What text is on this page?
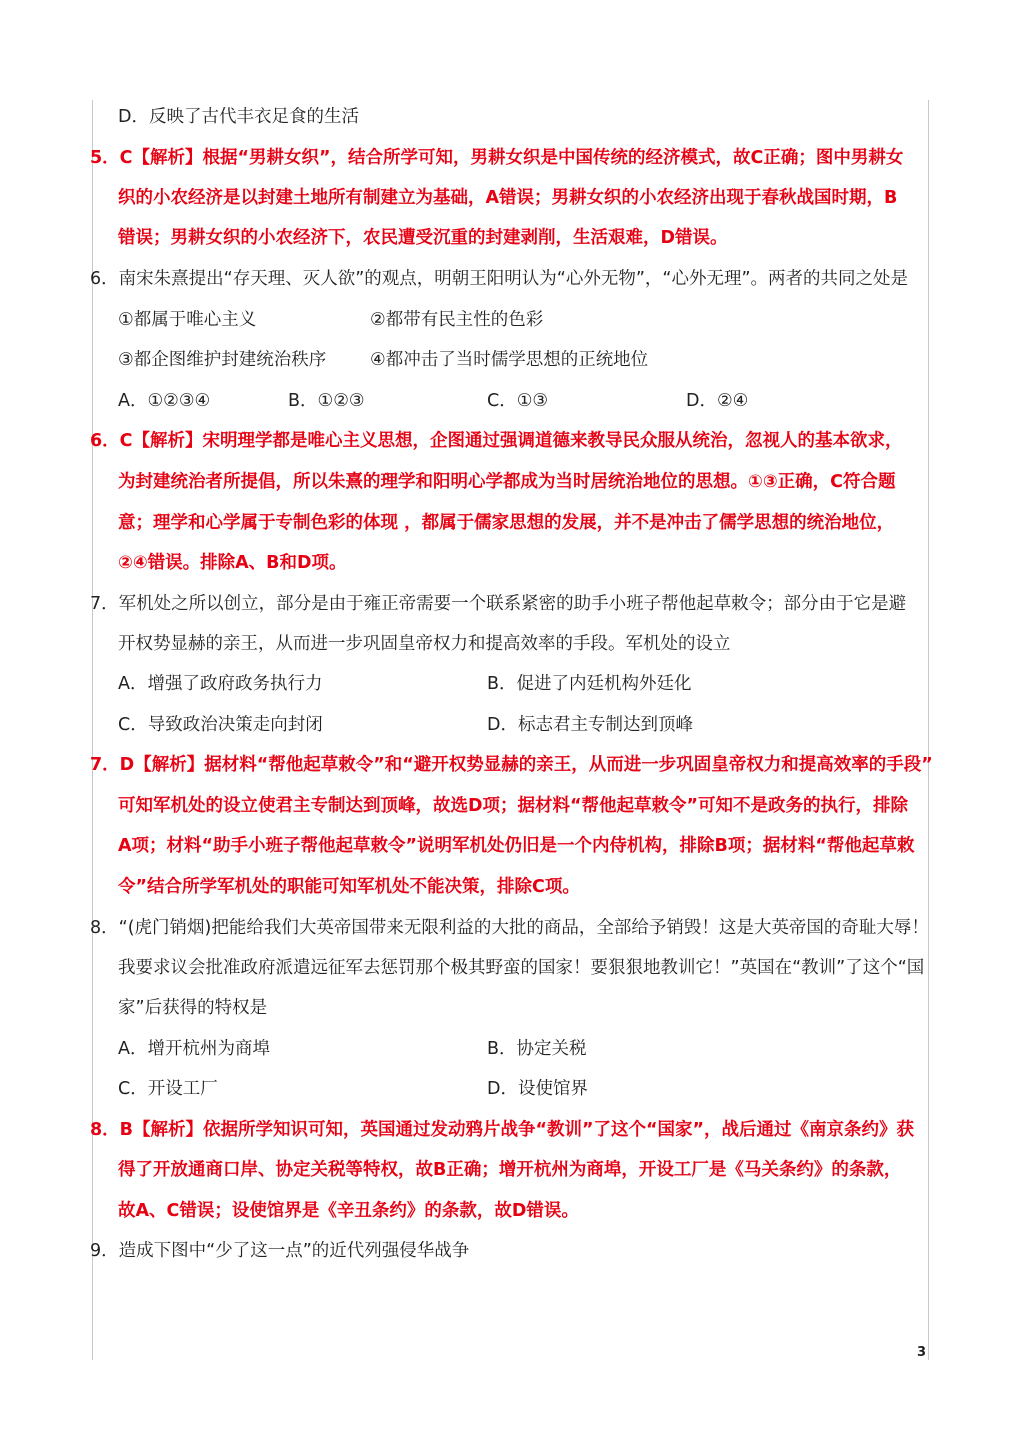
D．反映了古代丰衣足食的生活
5．C【解析】根据“男耕女织”，结合所学可知，男耕女织是中国传统的经济模式，故C正确；图中男耕女
织的小农经济是以封建土地所有制建立为基础，A错误；男耕女织的小农经济出现于春秋战国时期，B
错误；男耕女织的小农经济下，农民遭受沉重的封建剥削，生活艰难，D错误。
6．南宋朱熹提出“存天理、灭人欲”的观点，明朝王阳明认为“心外无物”，“心外无理”。两者的共同之处是
①都属于唯心主义	②都带有民主性的色彩
③都企图维护封建统治秩序	④都冲击了当时儒学思想的正统地位
A．①②③④	B．①②③	C．①③	D．②④
6．C【解析】宋明理学都是唯心主义思想，企图通过强调道德来教导民众服从统治，忽视人的基本欲求，
为封建统治者所提倡，所以朱熹的理学和阳明心学都成为当时居统治地位的思想。①③正确，C符合题
意；理学和心学属于专制色彩的体现 ，都属于儒家思想的发展，并不是冲击了儒学思想的统治地位，
②④错误。排除A、B和D项。
7．军机处之所以创立，部分是由于雍正帝需要一个联系紧密的助手小班子帮他起草敕令；部分由于它是避
开权势显赫的亲王，从而进一步巩固皇帝权力和提高效率的手段。军机处的设立
A．增强了政府政务执行力	B．促进了内廷机构外廷化
C．导致政治决策走向封闭	D．标志君主专制达到顶峰
7．D【解析】据材料“帮他起草敕令”和“避开权势显赫的亲王，从而进一步巩固皇帝权力和提高效率的手段”
可知军机处的设立使君主专制达到顶峰，故选D项；据材料“帮他起草敕令”可知不是政务的执行，排除
A项；材料“助手小班子帮他起草敕令”说明军机处仍旧是一个内侍机构，排除B项；据材料“帮他起草敕
令”结合所学军机处的职能可知军机处不能决策，排除C项。
8．“(虎门销烟)把能给我们大英帝国带来无限利益的大批的商品，全部给予销毁！这是大英帝国的奇耻大辱！
我要求议会批准政府派遣远征军去惩罚那个极其野蛮的国家！要狠狠地教训它！”英国在“教训”了这个“国
家”后获得的特权是
A．增开杭州为商埠	B．协定关税
C．开设工厂	D．设使馆界
8．B【解析】依据所学知识可知，英国通过发动鸦片战争“教训”了这个“国家”，战后通过《南京条约》获
得了开放通商口岸、协定关税等特权，故B正确；增开杭州为商埠，开设工厂是《马关条约》的条款，
故A、C错误；设使馆界是《辛丑条约》的条款，故D错误。
9．造成下图中“少了这一点”的近代列强侵华战争
3
